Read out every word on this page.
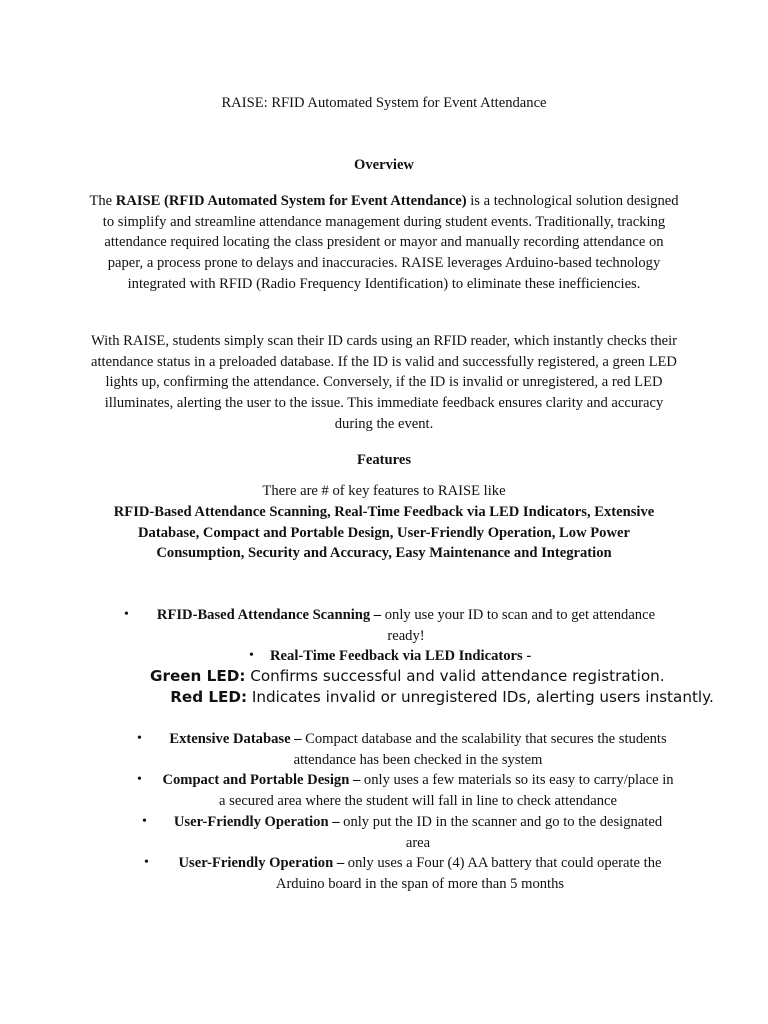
RAISE: RFID Automated System for Event Attendance
Overview

The RAISE (RFID Automated System for Event Attendance) is a technological solution designed to simplify and streamline attendance management during student events. Traditionally, tracking attendance required locating the class president or mayor and manually recording attendance on paper, a process prone to delays and inaccuracies. RAISE leverages Arduino-based technology integrated with RFID (Radio Frequency Identification) to eliminate these inefficiencies.

With RAISE, students simply scan their ID cards using an RFID reader, which instantly checks their attendance status in a preloaded database. If the ID is valid and successfully registered, a green LED lights up, confirming the attendance. Conversely, if the ID is invalid or unregistered, a red LED illuminates, alerting the user to the issue. This immediate feedback ensures clarity and accuracy during the event.

Features

There are # of key features to RAISE like

RFID-Based Attendance Scanning, Real-Time Feedback via LED Indicators, Extensive Database, Compact and Portable Design, User-Friendly Operation, Low Power Consumption, Security and Accuracy, Easy Maintenance and Integration

•	RFID-Based Attendance Scanning – only use your ID to scan and to get attendance ready!

• Real-Time Feedback via LED Indicators -

Green LED: Confirms successful and valid attendance registration.

Red LED: Indicates invalid or unregistered IDs, alerting users instantly.

•	Extensive Database – Compact database and the scalability that secures the students attendance has been checked in the system

•	Compact and Portable Design – only uses a few materials so its easy to carry/place in a secured area where the student will fall in line to check attendance

•	User-Friendly Operation – only put the ID in the scanner and go to the designated area

•	User-Friendly Operation – only uses a Four (4) AA battery that could operate the Arduino board in the span of more than 5 months
